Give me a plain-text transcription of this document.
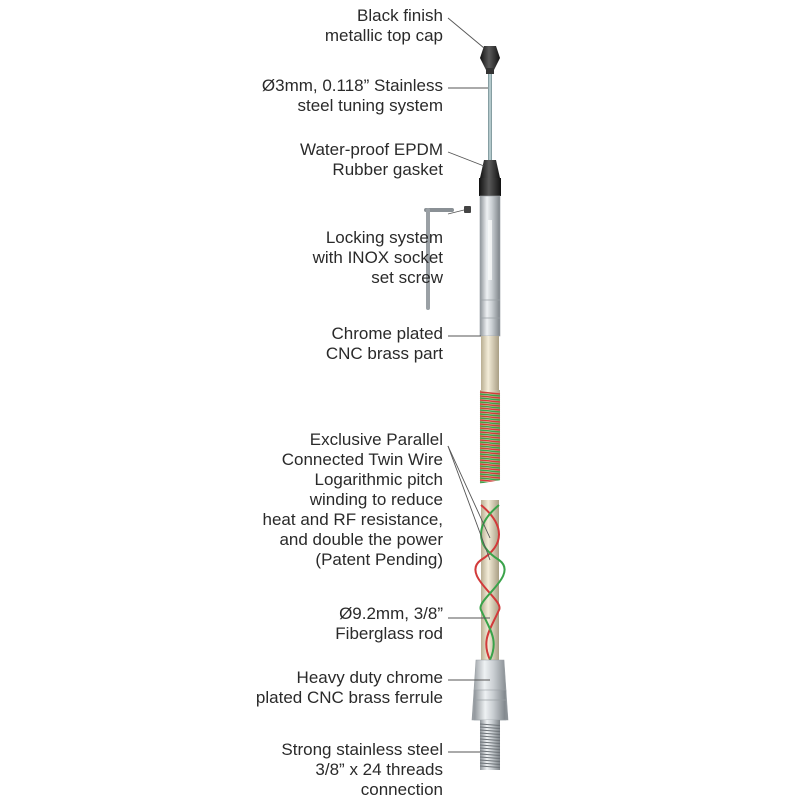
Black finish
metallic top cap
Ø3mm, 0.118” Stainless
steel tuning system
Water-proof EPDM
Rubber gasket
Locking system
with INOX socket
set screw
Chrome plated
CNC brass part
Exclusive Parallel
Connected Twin Wire
Logarithmic pitch
winding to reduce
heat and RF resistance,
and double the power
(Patent Pending)
Ø9.2mm, 3/8”
Fiberglass rod
Heavy duty chrome
plated CNC brass ferrule
Strong stainless steel
3/8” x 24 threads
connection
